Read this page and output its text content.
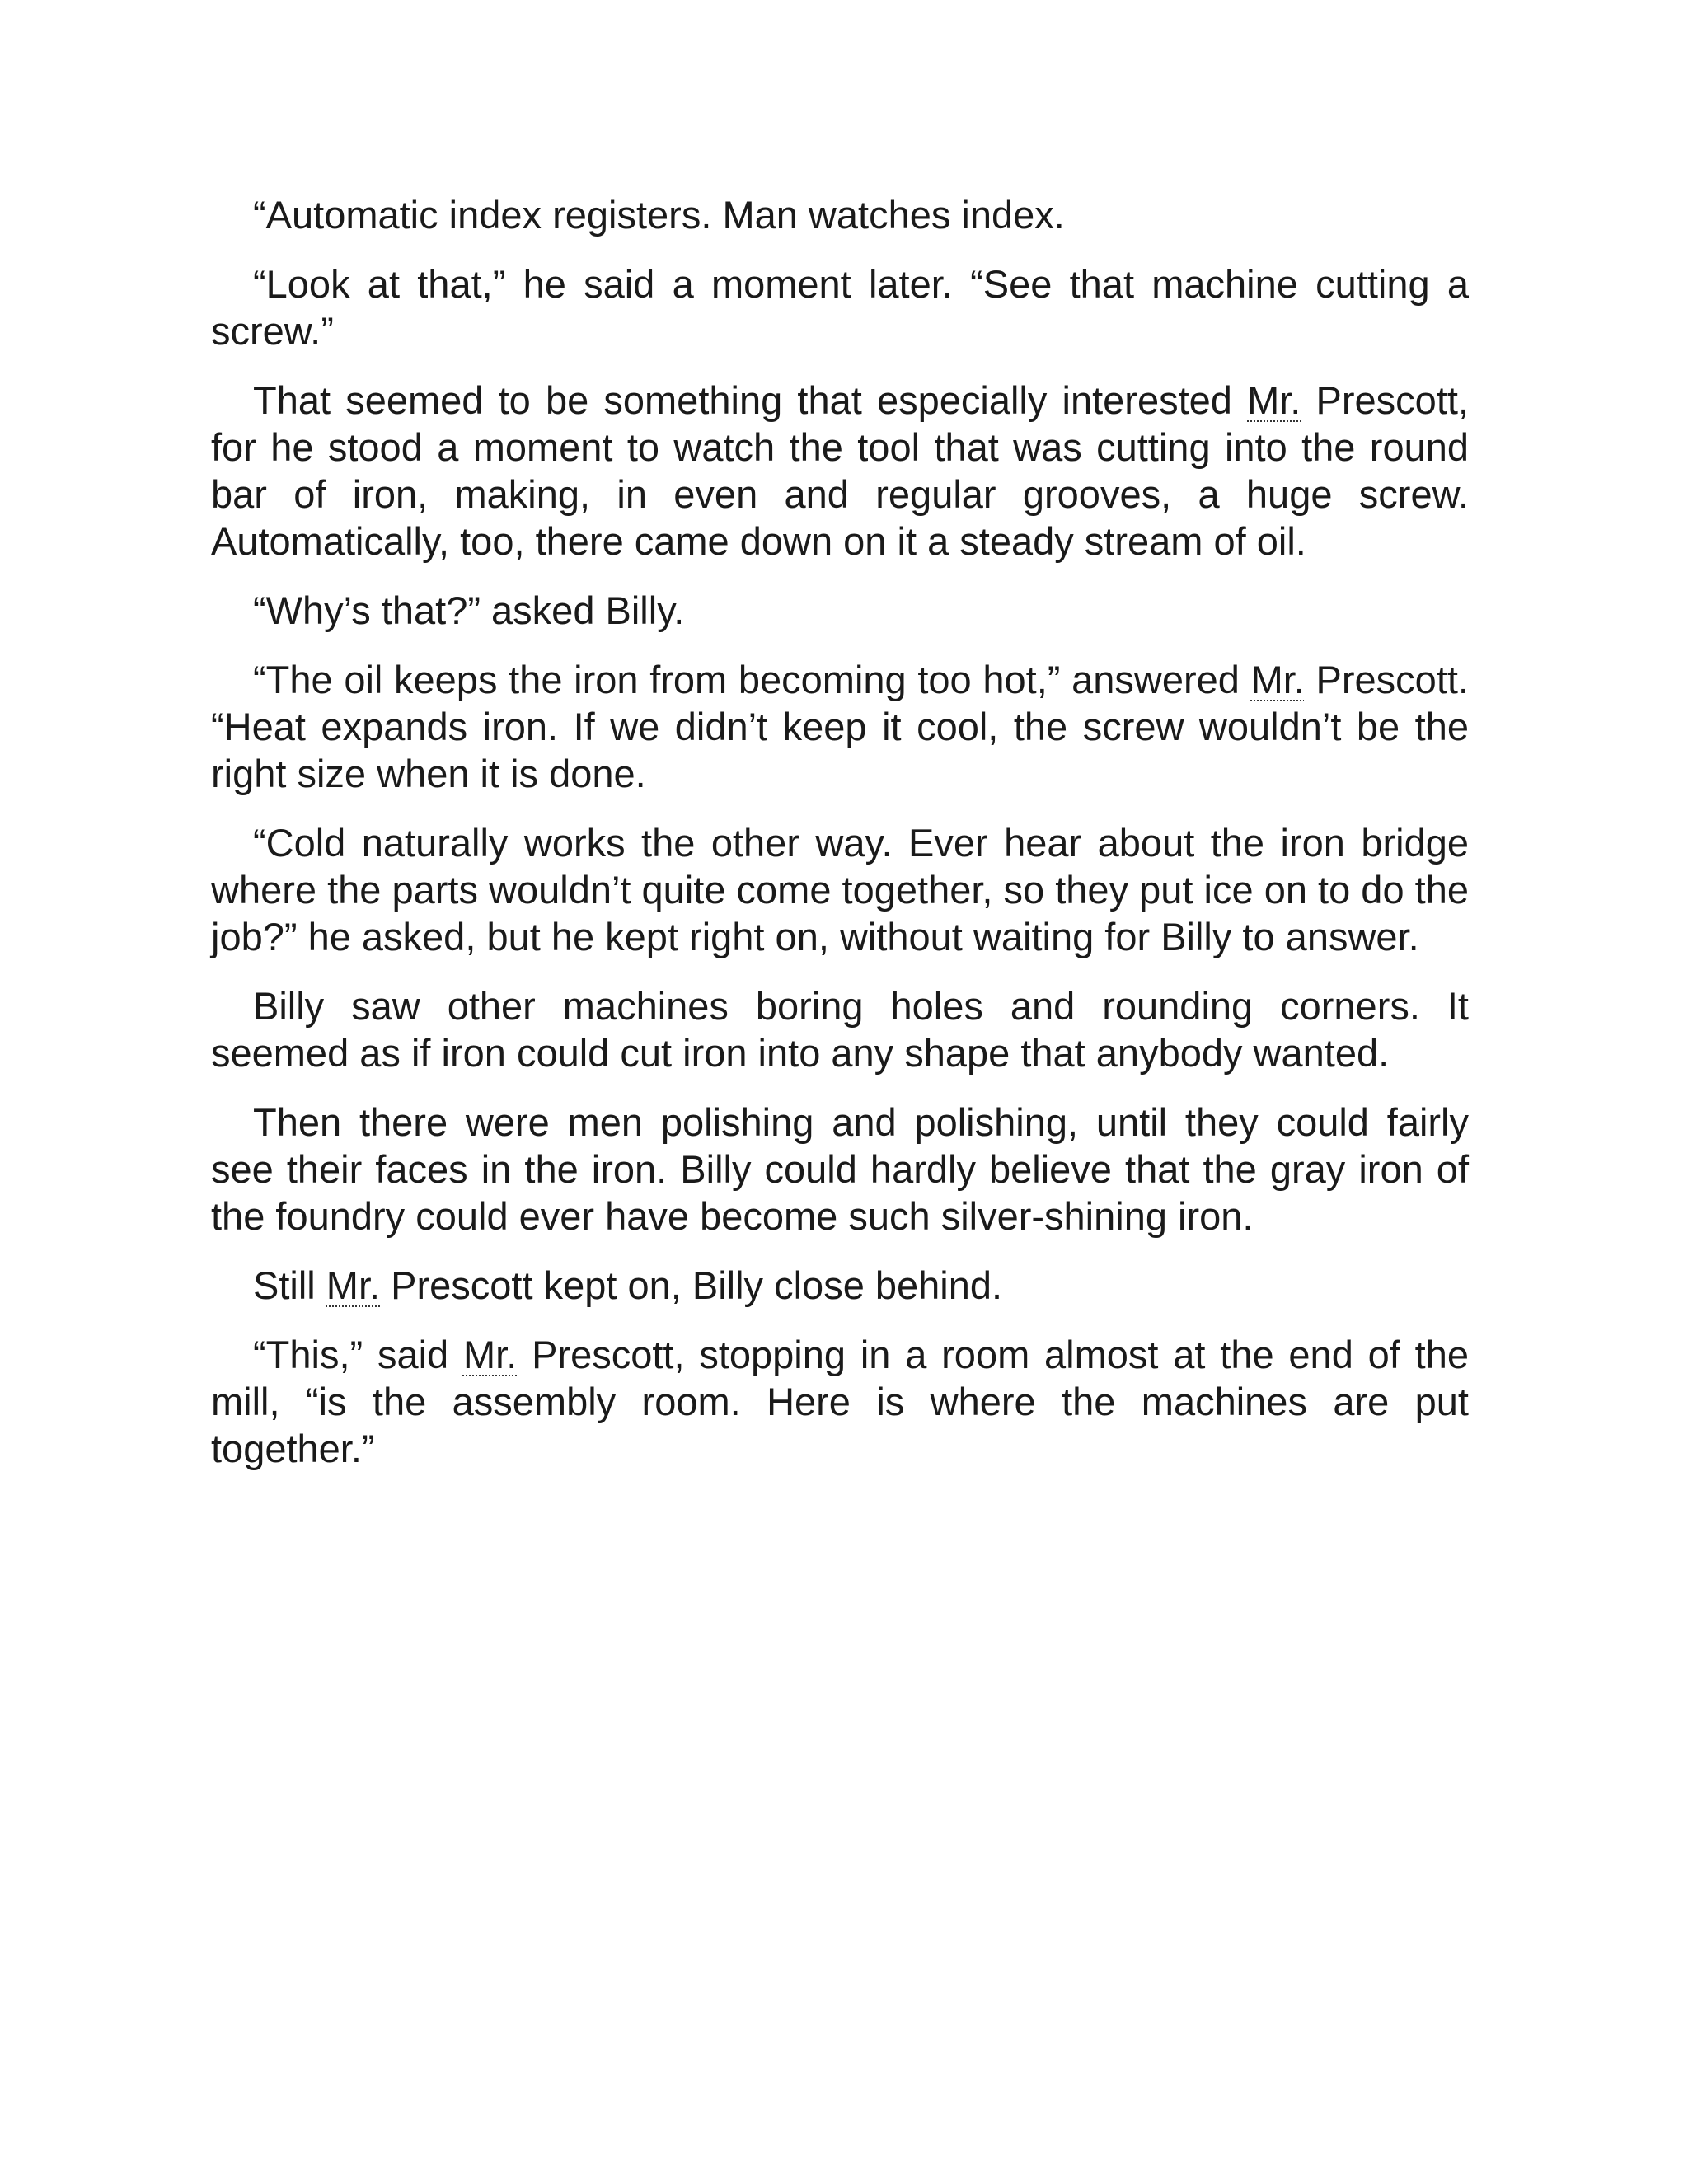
“Automatic index registers. Man watches index.

“Look at that,” he said a moment later. “See that machine cutting a screw.”

That seemed to be something that especially interested Mr. Prescott, for he stood a moment to watch the tool that was cutting into the round bar of iron, making, in even and regular grooves, a huge screw. Automatically, too, there came down on it a steady stream of oil.

“Why’s that?” asked Billy.

“The oil keeps the iron from becoming too hot,” answered Mr. Prescott. “Heat expands iron. If we didn’t keep it cool, the screw wouldn’t be the right size when it is done.

“Cold naturally works the other way. Ever hear about the iron bridge where the parts wouldn’t quite come together, so they put ice on to do the job?” he asked, but he kept right on, without waiting for Billy to answer.

Billy saw other machines boring holes and rounding corners. It seemed as if iron could cut iron into any shape that anybody wanted.

Then there were men polishing and polishing, until they could fairly see their faces in the iron. Billy could hardly believe that the gray iron of the foundry could ever have become such silver-shining iron.

Still Mr. Prescott kept on, Billy close behind.

“This,” said Mr. Prescott, stopping in a room almost at the end of the mill, “is the assembly room. Here is where the machines are put together.”
